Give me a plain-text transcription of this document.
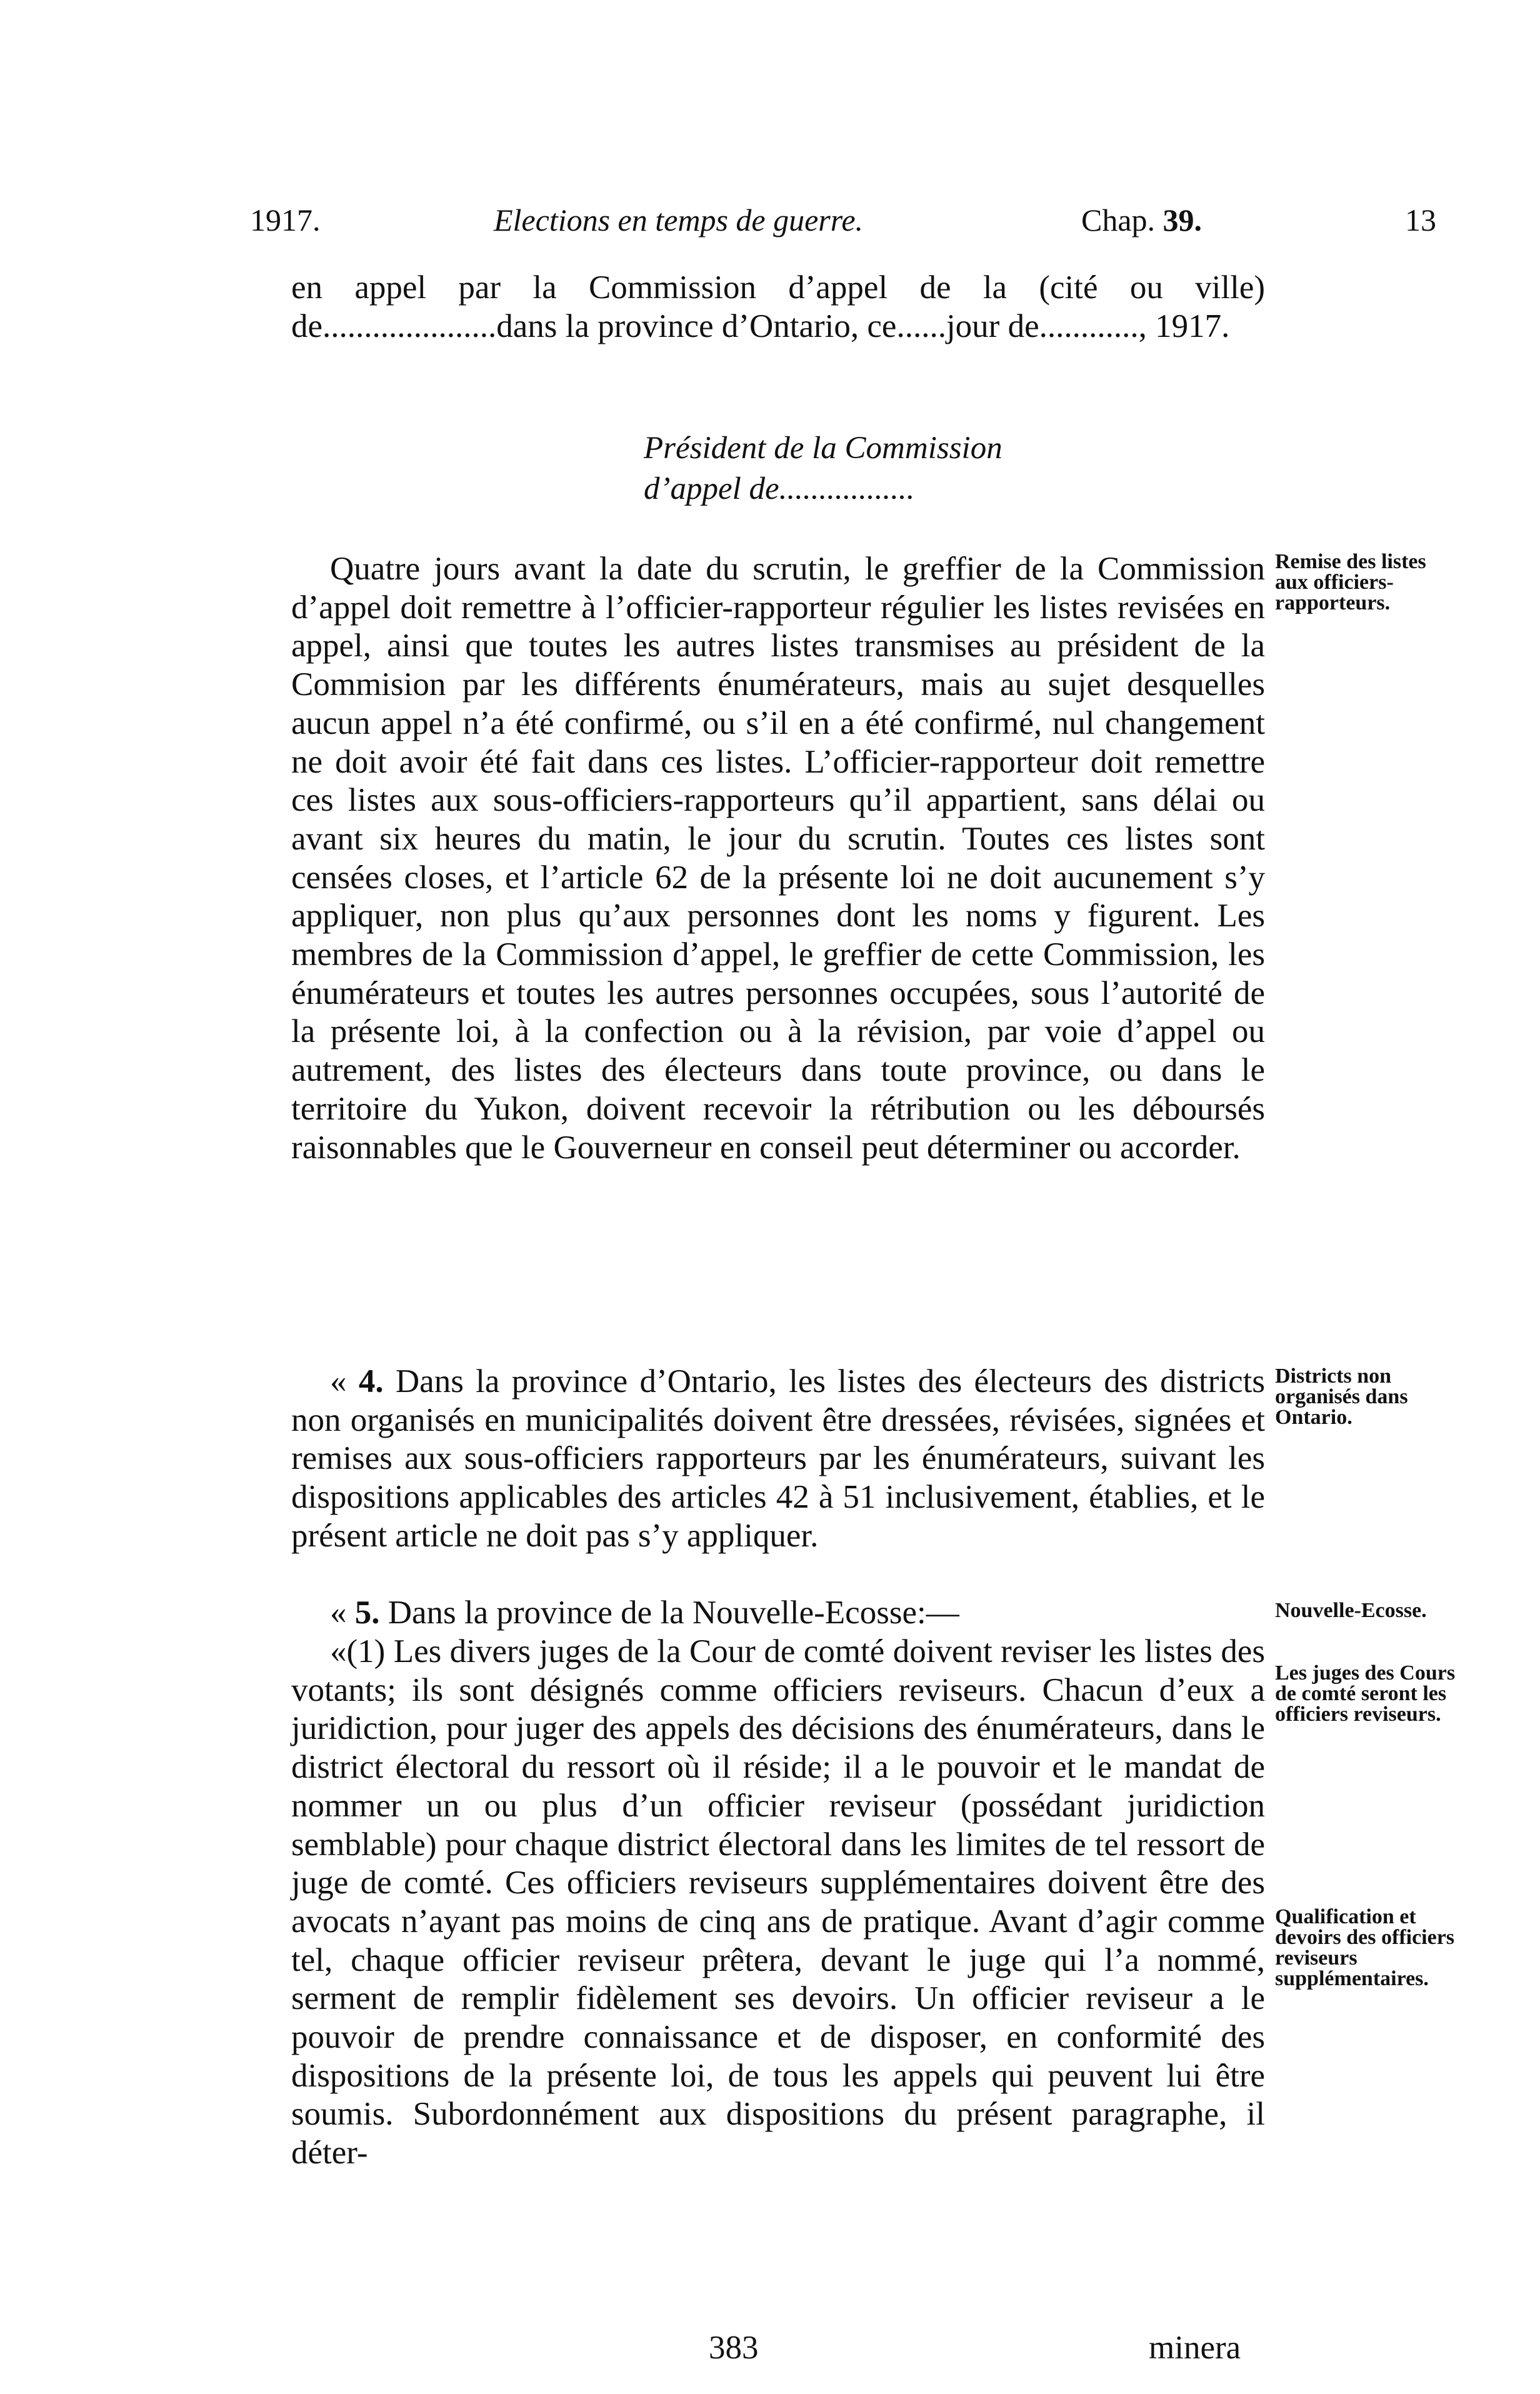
1917.	Elections en temps de guerre.	Chap. 39.	13

en appel par la Commission d’appel de la (cité ou ville) de.....................dans la province d’Ontario, ce......jour de............, 1917.

Président de la Commission
d’appel de.................

Quatre jours avant la date du scrutin, le greffier de la Commission d’appel doit remettre à l’officier-rapporteur régulier les listes revisées en appel, ainsi que toutes les autres listes transmises au président de la Commision par les différents énumérateurs, mais au sujet desquelles aucun appel n’a été confirmé, ou s’il en a été confirmé, nul changement ne doit avoir été fait dans ces listes. L’officier-rapporteur doit remettre ces listes aux sous-officiers-rapporteurs qu’il appartient, sans délai ou avant six heures du matin, le jour du scrutin. Toutes ces listes sont censées closes, et l’article 62 de la présente loi ne doit aucunement s’y appliquer, non plus qu’aux personnes dont les noms y figurent. Les membres de la Commission d’appel, le greffier de cette Commission, les énumérateurs et toutes les autres personnes occupées, sous l’autorité de la présente loi, à la confection ou à la révision, par voie d’appel ou autrement, des listes des électeurs dans toute province, ou dans le territoire du Yukon, doivent recevoir la rétribution ou les déboursés raisonnables que le Gouverneur en conseil peut déterminer ou accorder.

« 4. Dans la province d’Ontario, les listes des électeurs des districts non organisés en municipalités doivent être dressées, révisées, signées et remises aux sous-officiers rapporteurs par les énumérateurs, suivant les dispositions applicables des articles 42 à 51 inclusivement, établies, et le présent article ne doit pas s’y appliquer.

« 5. Dans la province de la Nouvelle-Ecosse:—

«(1) Les divers juges de la Cour de comté doivent reviser les listes des votants; ils sont désignés comme officiers reviseurs. Chacun d’eux a juridiction, pour juger des appels des décisions des énumérateurs, dans le district électoral du ressort où il réside; il a le pouvoir et le mandat de nommer un ou plus d’un officier reviseur (possédant juridiction semblable) pour chaque district électoral dans les limites de tel ressort de juge de comté. Ces officiers reviseurs supplémentaires doivent être des avocats n’ayant pas moins de cinq ans de pratique. Avant d’agir comme tel, chaque officier reviseur prêtera, devant le juge qui l’a nommé, serment de remplir fidèlement ses devoirs. Un officier reviseur a le pouvoir de prendre connaissance et de disposer, en conformité des dispositions de la présente loi, de tous les appels qui peuvent lui être soumis. Subordonnément aux dispositions du présent paragraphe, il déter-

Remise des listes aux officiers-rapporteurs.
Districts non organisés dans Ontario.
Nouvelle-Ecosse.
Les juges des Cours de comté seront les officiers reviseurs.
Qualification et devoirs des officiers reviseurs supplémentaires.
383	minera
